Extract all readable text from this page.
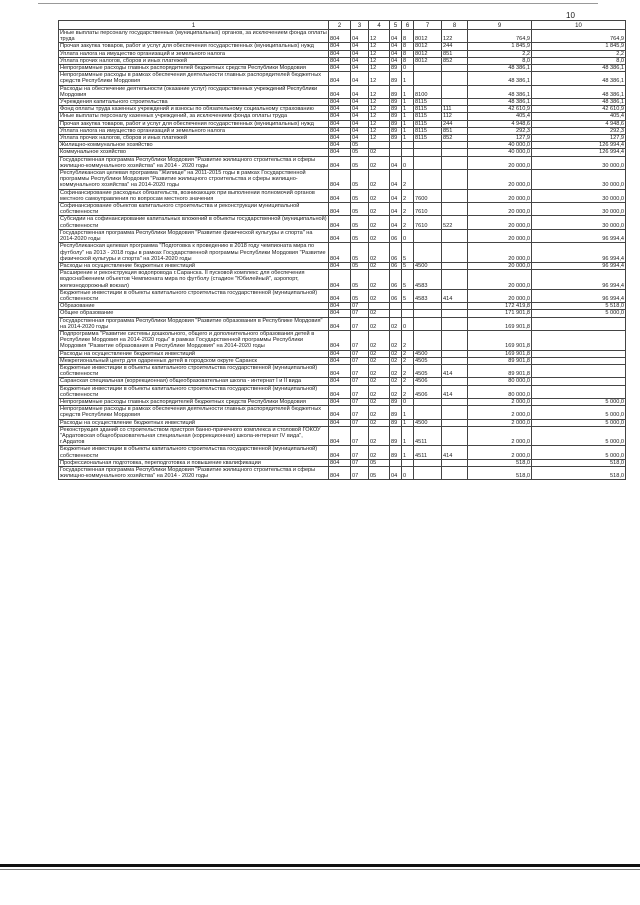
10
1	2	3	4	5	6	7	8	9	10
Иные выплаты персоналу государственных (муниципальных) органов, за исключением фонда оплаты труда	804	04	12	04	8	8012	122	764,9	764,9
Прочая закупка товаров, работ и услуг для обеспечения государственных (муниципальных) нужд	804	04	12	04	8	8012	244	1 845,9	1 845,9
Уплата налога на имущество организаций и земельного налога	804	04	12	04	8	8012	851	2,2	2,2
Уплата прочих налогов, сборов и иных платежей	804	04	12	04	8	8012	852	8,0	8,0
Непрограммные расходы главных распорядителей бюджетных средств Республики Мордовия	804	04	12	89	0			48 386,1	48 386,1
Непрограммные расходы в рамках обеспечения деятельности главных распорядителей бюджетных средств Республики Мордовия	804	04	12	89	1			48 386,1	48 386,1
Расходы на обеспечение деятельности (оказание услуг) государственных учреждений Республики Мордовия	804	04	12	89	1	8100		48 386,1	48 386,1
Учреждения капитального строительства	804	04	12	89	1	8115		48 386,1	48 386,1
Фонд оплаты труда казенных учреждений и взносы по обязательному социальному страхованию	804	04	12	89	1	8115	111	42 610,9	42 610,9
Иные выплаты персоналу казенных учреждений, за исключением фонда оплаты труда	804	04	12	89	1	8115	112	405,4	405,4
Прочая закупка товаров, работ и услуг для обеспечения государственных (муниципальных) нужд	804	04	12	89	1	8115	244	4 948,6	4 948,6
Уплата налога на имущество организаций и земельного налога	804	04	12	89	1	8115	851	292,3	292,3
Уплата прочих налогов, сборов и иных платежей	804	04	12	89	1	8115	852	127,9	127,9
Жилищно-коммунальное хозяйство	804	05						40 000,0	126 994,4
Коммунальное хозяйство	804	05	02					40 000,0	126 994,4
Государственная программа Республики Мордовия "Развитие жилищного строительства и сферы жилищно-коммунального хозяйства" на 2014 - 2020 годы	804	05	02	04	0			20 000,0	30 000,0
Республиканская целевая программа "Жилище" на 2011-2015 годы в рамках Государственной программы Республики Мордовия "Развитие жилищного строительства и сферы жилищно-коммунального хозяйства" на 2014-2020 годы	804	05	02	04	2			20 000,0	30 000,0
Софинансирование расходных обязательств, возникающих при выполнении полномочий органов местного самоуправления по вопросам местного значения	804	05	02	04	2	7600		20 000,0	30 000,0
Софинансирование объектов капитального строительства и реконструкции муниципальной собственности	804	05	02	04	2	7610		20 000,0	30 000,0
Субсидии на софинансирование капитальных вложений в объекты государственной (муниципальной) собственности	804	05	02	04	2	7610	522	20 000,0	30 000,0
Государственная программа Республики Мордовия "Развитие физической культуры и спорта" на 2014-2020 годы	804	05	02	06	0			20 000,0	96 994,4
Республиканская целевая программа "Подготовка к проведению в 2018 году чемпионата мира по футболу" на 2013 - 2018 годы в рамках Государственной программы Республики Мордовия "Развитие физической культуры и спорта" на 2014-2020 годы	804	05	02	06	5			20 000,0	96 994,4
Расходы на осуществление бюджетных инвестиций	804	05	02	06	5	4500		20 000,0	96 994,4
Расширение и реконструкция водопровода г.Саранска. II пусковой комплекс для обеспечения водоснабжением объектов Чемпионата мира по футболу (стадион "Юбилейный", аэропорт, железнодорожный вокзал)	804	05	02	06	5	4583		20 000,0	96 994,4
Бюджетные инвестиции в объекты капитального строительства государственной (муниципальной) собственности	804	05	02	06	5	4583	414	20 000,0	96 994,4
Образование	804	07						172 419,8	5 518,0
Общее образование	804	07	02					171 901,8	5 000,0
Государственная программа Республики Мордовия "Развитие образования в Республике Мордовия" на 2014-2020 годы	804	07	02	02	0			169 901,8	
Подпрограмма "Развитие системы дошкольного, общего и дополнительного образования детей в Республике Мордовия на 2014-2020 годы" в рамках Государственной программы Республики Мордовия "Развитие образования в Республике Мордовия" на 2014-2020 годы	804	07	02	02	2			169 901,8	
Расходы на осуществление бюджетных инвестиций	804	07	02	02	2	4500		169 901,8	
Межрегиональный центр для одаренных детей в городском округе Саранск	804	07	02	02	2	4505		89 901,8	
Бюджетные инвестиции в объекты капитального строительства государственной (муниципальной) собственности	804	07	02	02	2	4505	414	89 901,8	
Саранская специальная (коррекционная) общеобразовательная школа - интернат I и II вида	804	07	02	02	2	4506		80 000,0	
Бюджетные инвестиции в объекты капитального строительства государственной (муниципальной) собственности	804	07	02	02	2	4506	414	80 000,0	
Непрограммные расходы главных распорядителей бюджетных средств Республики Мордовия	804	07	02	89	0			2 000,0	5 000,0
Непрограммные расходы в рамках обеспечения деятельности главных распорядителей бюджетных средств Республики Мордовия	804	07	02	89	1			2 000,0	5 000,0
Расходы на осуществление бюджетных инвестиций	804	07	02	89	1	4500		2 000,0	5 000,0
Реконструкция зданий со строительством пристроя банно-прачечного комплекса и столовой ГОКОУ "Ардатовская общеобразовательная специальная (коррекционная) школа-интернат IV вида", г.Ардатов	804	07	02	89	1	4511		2 000,0	5 000,0
Бюджетные инвестиции в объекты капитального строительства государственной (муниципальной) собственности	804	07	02	89	1	4511	414	2 000,0	5 000,0
Профессиональная подготовка, переподготовка и повышение квалификации	804	07	05					518,0	518,0
Государственная программа Республики Мордовия "Развитие жилищного строительства и сферы жилищно-коммунального хозяйства" на 2014 - 2020 годы	804	07	05	04	0			518,0	518,0
